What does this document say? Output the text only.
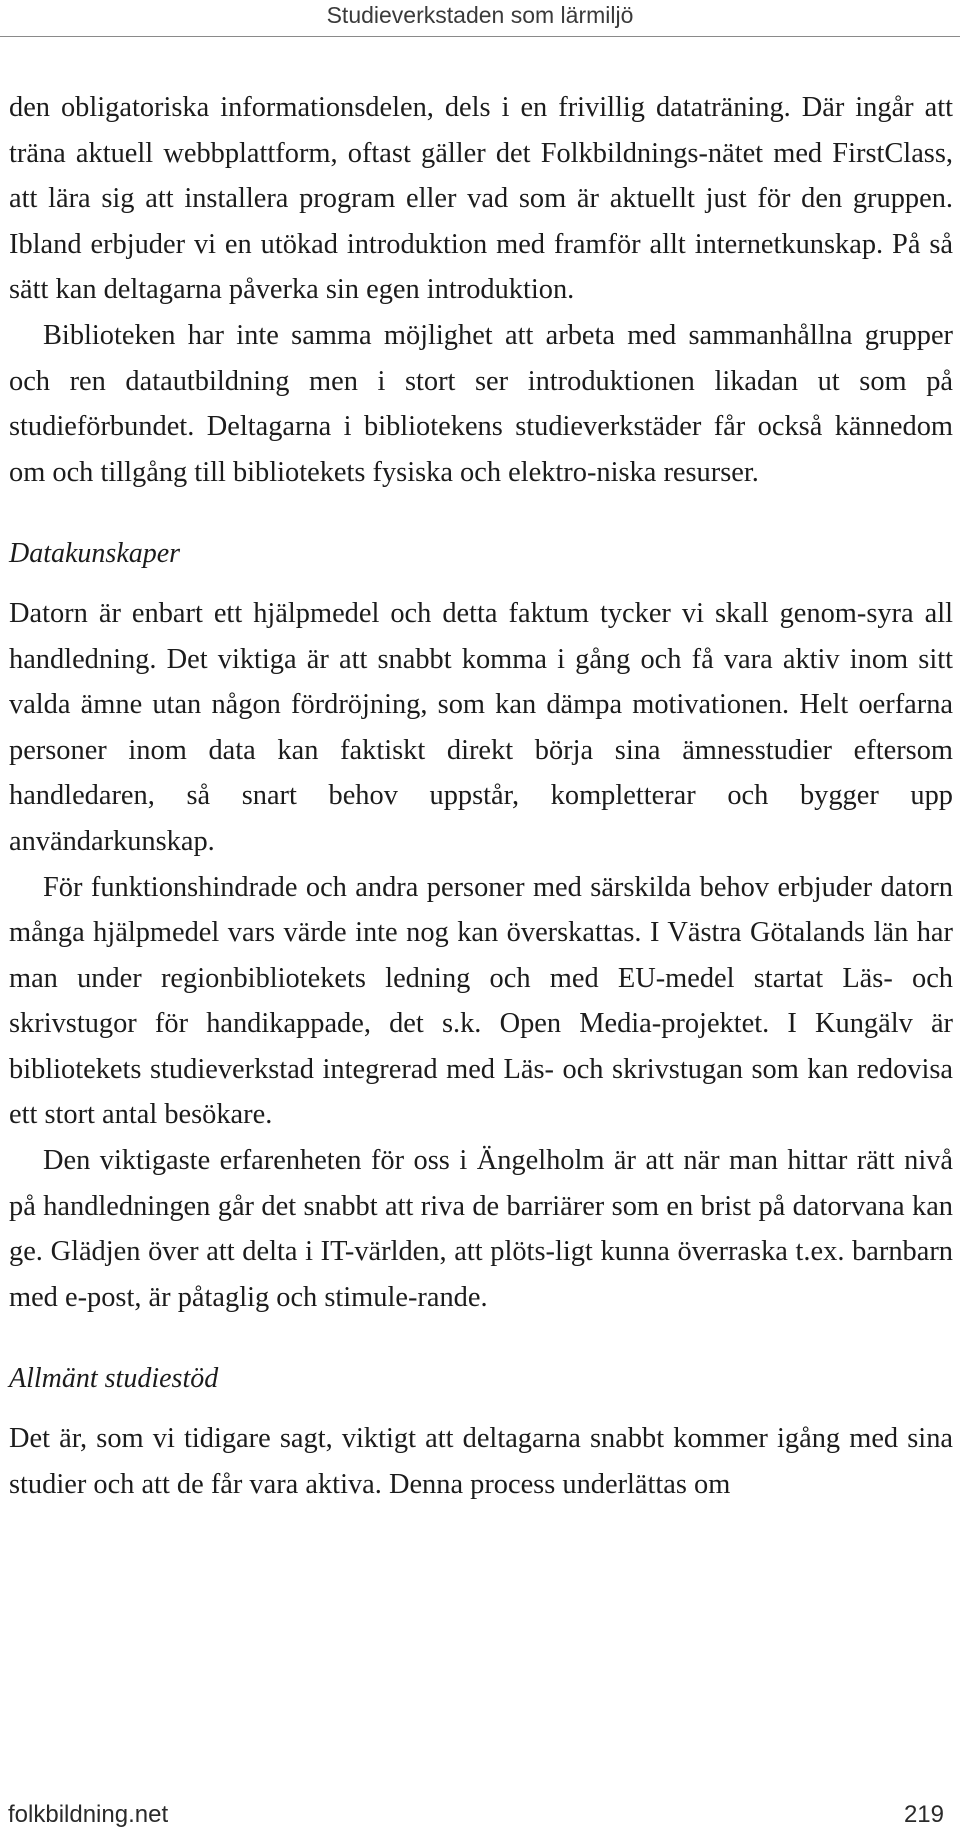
Studieverkstaden som lärmiljö

den obligatoriska informationsdelen, dels i en frivillig dataträning. Där ingår att träna aktuell webbplattform, oftast gäller det Folkbildnings-nätet med FirstClass, att lära sig att installera program eller vad som är aktuellt just för den gruppen. Ibland erbjuder vi en utökad introduktion med framför allt internetkunskap. På så sätt kan deltagarna påverka sin egen introduktion.

Biblioteken har inte samma möjlighet att arbeta med sammanhållna grupper och ren datautbildning men i stort ser introduktionen likadan ut som på studieförbundet. Deltagarna i bibliotekens studieverkstäder får också kännedom om och tillgång till bibliotekets fysiska och elektro-niska resurser.

Datakunskaper

Datorn är enbart ett hjälpmedel och detta faktum tycker vi skall genom-syra all handledning. Det viktiga är att snabbt komma i gång och få vara aktiv inom sitt valda ämne utan någon fördröjning, som kan dämpa motivationen. Helt oerfarna personer inom data kan faktiskt direkt börja sina ämnesstudier eftersom handledaren, så snart behov uppstår, kompletterar och bygger upp användarkunskap.

För funktionshindrade och andra personer med särskilda behov erbjuder datorn många hjälpmedel vars värde inte nog kan överskattas. I Västra Götalands län har man under regionbibliotekets ledning och med EU-medel startat Läs- och skrivstugor för handikappade, det s.k. Open Media-projektet. I Kungälv är bibliotekets studieverkstad integrerad med Läs- och skrivstugan som kan redovisa ett stort antal besökare.

Den viktigaste erfarenheten för oss i Ängelholm är att när man hittar rätt nivå på handledningen går det snabbt att riva de barriärer som en brist på datorvana kan ge. Glädjen över att delta i IT-världen, att plöts-ligt kunna överraska t.ex. barnbarn med e-post, är påtaglig och stimule-rande.

Allmänt studiestöd

Det är, som vi tidigare sagt, viktigt att deltagarna snabbt kommer igång med sina studier och att de får vara aktiva. Denna process underlättas om

folkbildning.net	219
